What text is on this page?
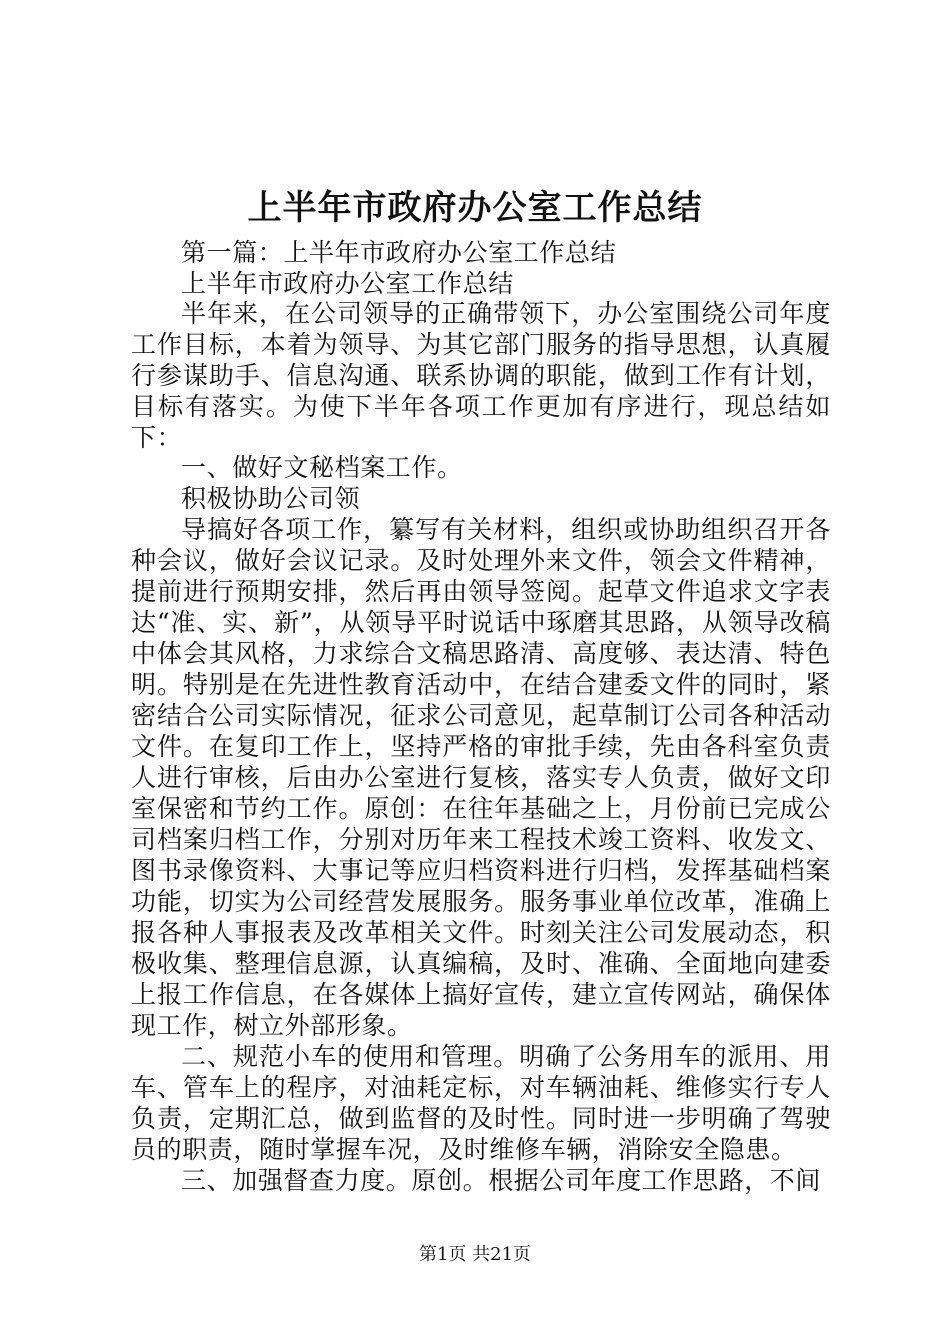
上半年市政府办公室工作总结

第一篇：上半年市政府办公室工作总结

上半年市政府办公室工作总结

半年来，在公司领导的正确带领下，办公室围绕公司年度工作目标，本着为领导、为其它部门服务的指导思想，认真履行参谋助手、信息沟通、联系协调的职能，做到工作有计划，目标有落实。为使下半年各项工作更加有序进行，现总结如下：

一、做好文秘档案工作。

积极协助公司领

导搞好各项工作，纂写有关材料，组织或协助组织召开各种会议，做好会议记录。及时处理外来文件，领会文件精神，提前进行预期安排，然后再由领导签阅。起草文件追求文字表达“准、实、新”，从领导平时说话中琢磨其思路，从领导改稿中体会其风格，力求综合文稿思路清、高度够、表达清、特色明。特别是在先进性教育活动中，在结合建委文件的同时，紧密结合公司实际情况，征求公司意见，起草制订公司各种活动文件。在复印工作上，坚持严格的审批手续，先由各科室负责人进行审核，后由办公室进行复核，落实专人负责，做好文印室保密和节约工作。原创：在往年基础之上，月份前已完成公司档案归档工作，分别对历年来工程技术竣工资料、收发文、图书录像资料、大事记等应归档资料进行归档，发挥基础档案功能，切实为公司经营发展服务。服务事业单位改革，准确上报各种人事报表及改革相关文件。时刻关注公司发展动态，积极收集、整理信息源，认真编稿，及时、准确、全面地向建委上报工作信息，在各媒体上搞好宣传，建立宣传网站，确保体现工作，树立外部形象。

二、规范小车的使用和管理。明确了公务用车的派用、用车、管车上的程序，对油耗定标，对车辆油耗、维修实行专人负责，定期汇总，做到监督的及时性。同时进一步明确了驾驶员的职责，随时掌握车况，及时维修车辆，消除安全隐患。

三、加强督查力度。原创。根据公司年度工作思路，不间

第1页 共21页
